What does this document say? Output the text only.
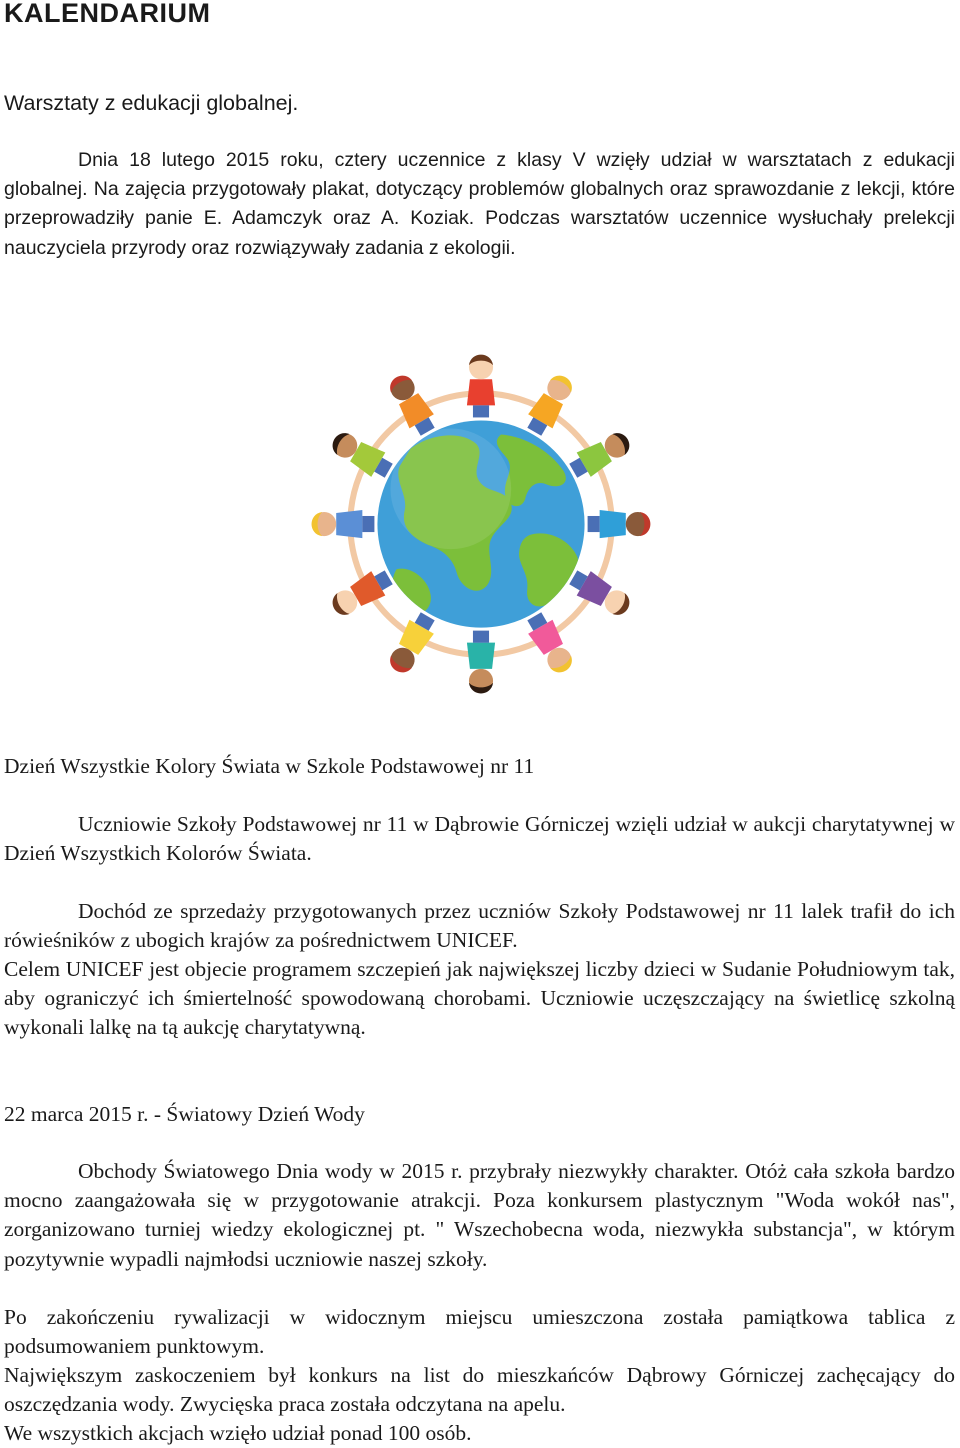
KALENDARIUM

Warsztaty z edukacji globalnej.

Dnia 18 lutego 2015 roku, cztery uczennice z klasy V wzięły udział w warsztatach z edukacji globalnej. Na zajęcia przygotowały plakat, dotyczący problemów globalnych oraz sprawozdanie z lekcji, które przeprowadziły panie E. Adamczyk oraz A. Koziak. Podczas warsztatów uczennice wysłuchały prelekcji nauczyciela przyrody oraz rozwiązywały zadania z ekologii.

Dzień Wszystkie Kolory Świata w Szkole Podstawowej nr 11

Uczniowie Szkoły Podstawowej nr 11 w Dąbrowie Górniczej wzięli udział w aukcji charytatywnej w Dzień Wszystkich Kolorów Świata.

Dochód ze sprzedaży przygotowanych przez uczniów Szkoły Podstawowej nr 11 lalek trafił do ich rówieśników z ubogich krajów za pośrednictwem UNICEF.

Celem UNICEF jest objecie programem szczepień jak największej liczby dzieci w Sudanie Południowym tak, aby ograniczyć ich śmiertelność spowodowaną chorobami. Uczniowie uczęszczający na świetlicę szkolną wykonali lalkę na tą aukcję charytatywną.

22 marca 2015 r. - Światowy Dzień Wody

Obchody Światowego Dnia wody w 2015 r. przybrały niezwykły charakter. Otóż cała szkoła bardzo mocno zaangażowała się w przygotowanie atrakcji. Poza konkursem plastycznym "Woda wokół nas", zorganizowano turniej wiedzy ekologicznej pt. " Wszechobecna woda, niezwykła substancja", w którym pozytywnie wypadli najmłodsi uczniowie naszej szkoły.

Po zakończeniu rywalizacji w widocznym miejscu umieszczona została pamiątkowa tablica z podsumowaniem punktowym.

Największym zaskoczeniem był konkurs na list do mieszkańców Dąbrowy Górniczej zachęcający do oszczędzania wody. Zwycięska praca została odczytana na apelu.

We wszystkich akcjach wzięło udział ponad 100 osób.
